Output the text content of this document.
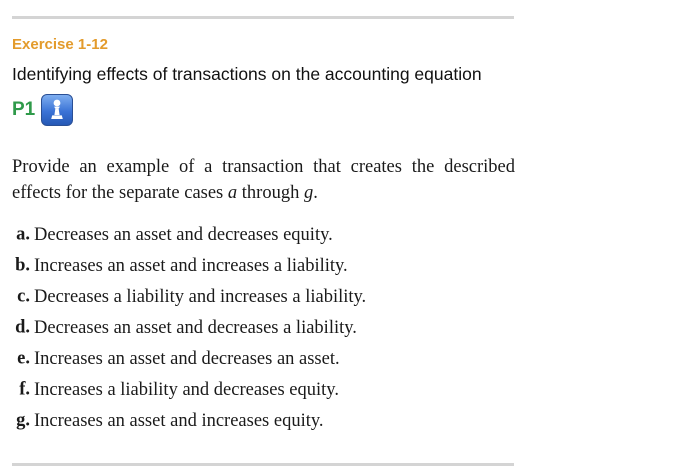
Exercise 1-12
Identifying effects of transactions on the accounting equation
P1
Provide an example of a transaction that creates the described effects for the separate cases a through g.
a. Decreases an asset and decreases equity.
b. Increases an asset and increases a liability.
c. Decreases a liability and increases a liability.
d. Decreases an asset and decreases a liability.
e. Increases an asset and decreases an asset.
f. Increases a liability and decreases equity.
g. Increases an asset and increases equity.
